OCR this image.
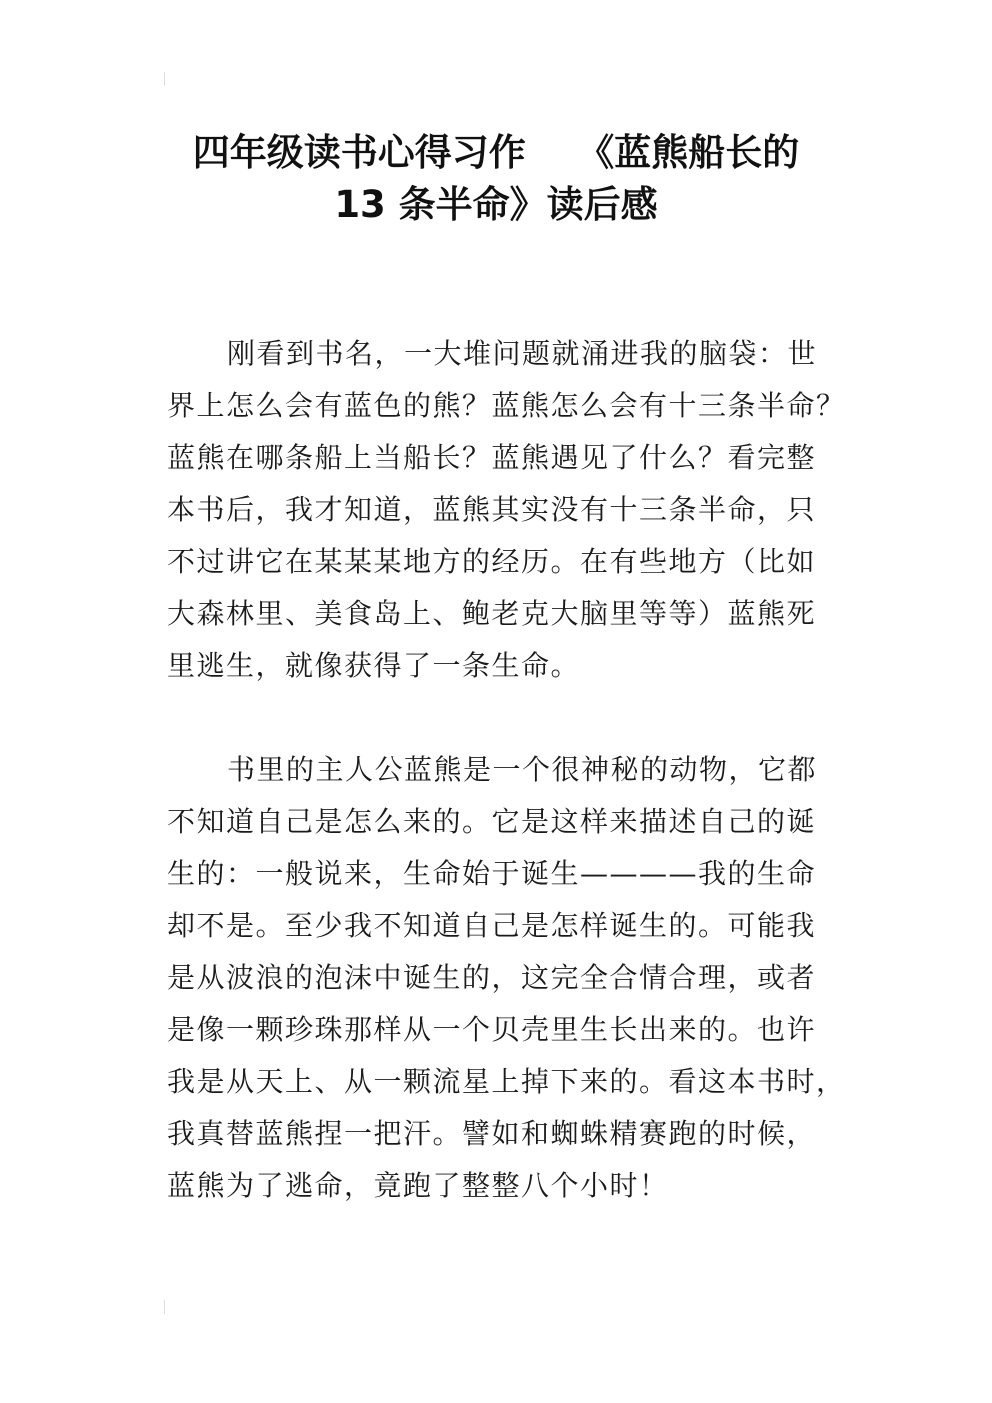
四年级读书心得习作    《蓝熊船长的
13 条半命》读后感
刚看到书名，一大堆问题就涌进我的脑袋：世
界上怎么会有蓝色的熊？蓝熊怎么会有十三条半命？
蓝熊在哪条船上当船长？蓝熊遇见了什么？看完整
本书后，我才知道，蓝熊其实没有十三条半命，只
不过讲它在某某某地方的经历。在有些地方（比如
大森林里、美食岛上、鲍老克大脑里等等）蓝熊死
里逃生，就像获得了一条生命。
书里的主人公蓝熊是一个很神秘的动物，它都
不知道自己是怎么来的。它是这样来描述自己的诞
生的：一般说来，生命始于诞生————我的生命
却不是。至少我不知道自己是怎样诞生的。可能我
是从波浪的泡沫中诞生的，这完全合情合理，或者
是像一颗珍珠那样从一个贝壳里生长出来的。也许
我是从天上、从一颗流星上掉下来的。看这本书时，
我真替蓝熊捏一把汗。譬如和蜘蛛精赛跑的时候，
蓝熊为了逃命，竟跑了整整八个小时！
